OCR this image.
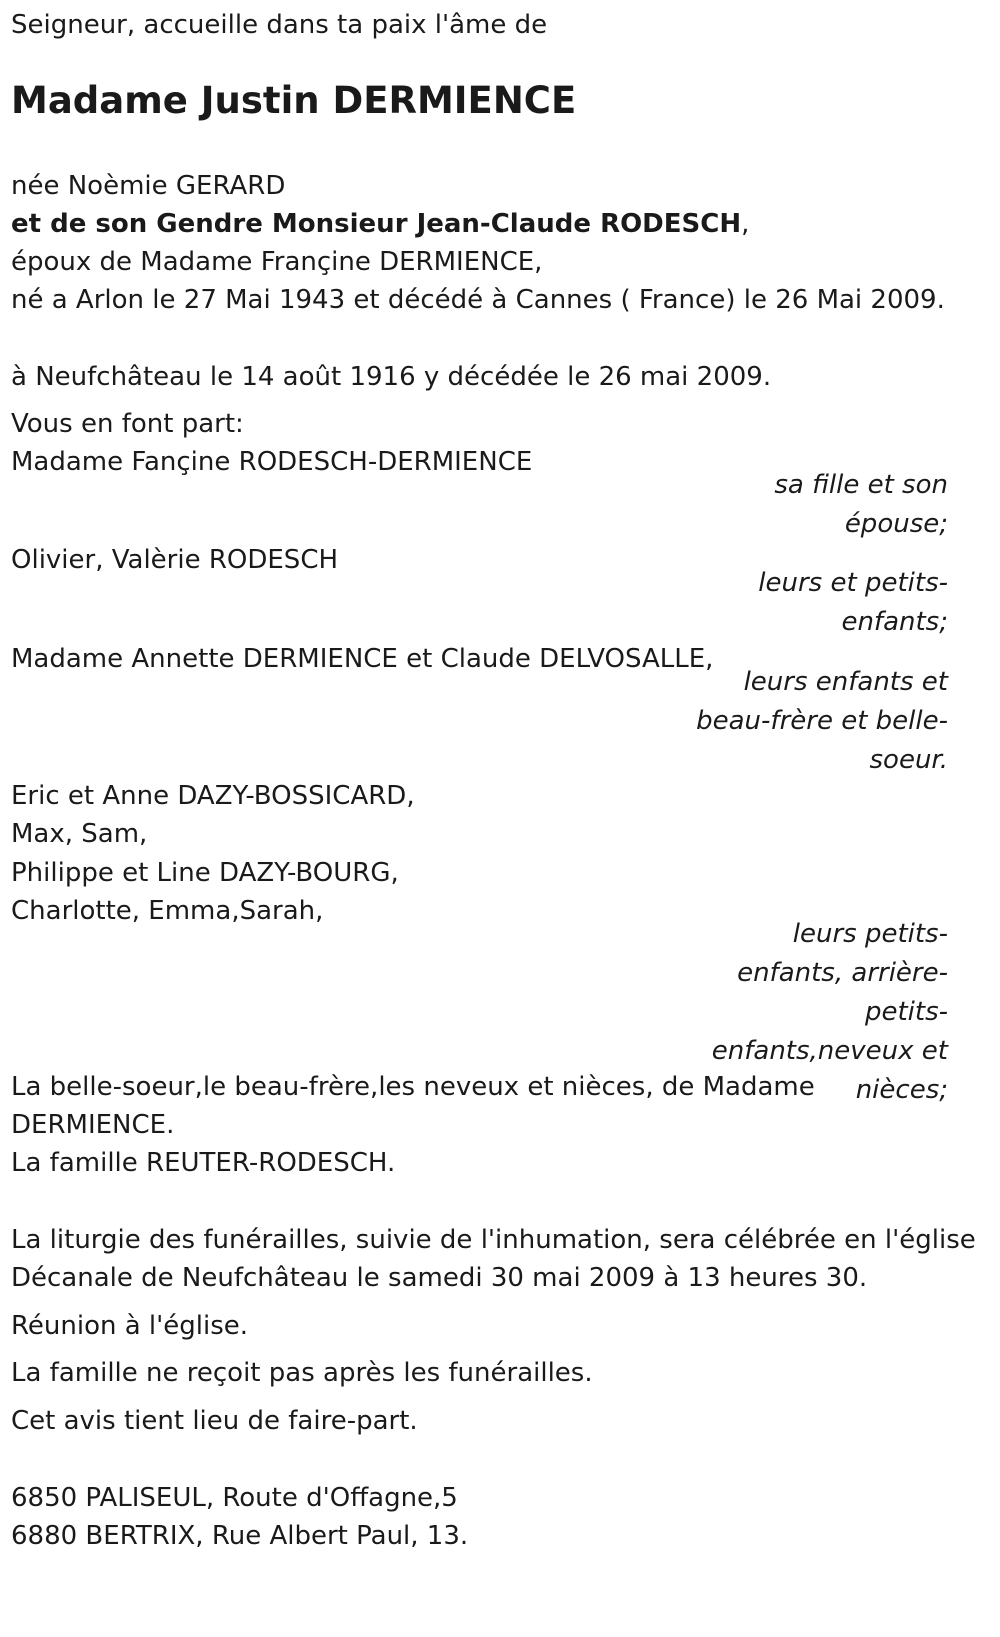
Seigneur, accueille dans ta paix l'âme de
Madame Justin DERMIENCE
née Noèmie GERARD
et de son Gendre Monsieur Jean-Claude RODESCH,
époux de Madame Françine DERMIENCE,
né a Arlon le 27 Mai 1943 et décédé à Cannes ( France) le 26 Mai 2009.
à Neufchâteau le 14 août 1916 y décédée le 26 mai 2009.
Vous en font part:
Madame Fançine RODESCH-DERMIENCE
sa fille et son épouse;
Olivier, Valèrie RODESCH
leurs et petits-enfants;
Madame Annette DERMIENCE et Claude DELVOSALLE,
leurs enfants et beau-frère et belle-soeur.
Eric et Anne DAZY-BOSSICARD,
Max, Sam,
Philippe et Line DAZY-BOURG,
Charlotte, Emma,Sarah,
leurs petits-enfants, arrière-petits-enfants,neveux et nièces;
La belle-soeur,le beau-frère,les neveux et nièces, de Madame
DERMIENCE.
La famille REUTER-RODESCH.
La liturgie des funérailles, suivie de l'inhumation, sera célébrée en l'église
Décanale de Neufchâteau le samedi 30 mai 2009 à 13 heures 30.
Réunion à l'église.
La famille ne reçoit pas après les funérailles.
Cet avis tient lieu de faire-part.
6850 PALISEUL, Route d'Offagne,5
6880 BERTRIX, Rue Albert Paul, 13.
